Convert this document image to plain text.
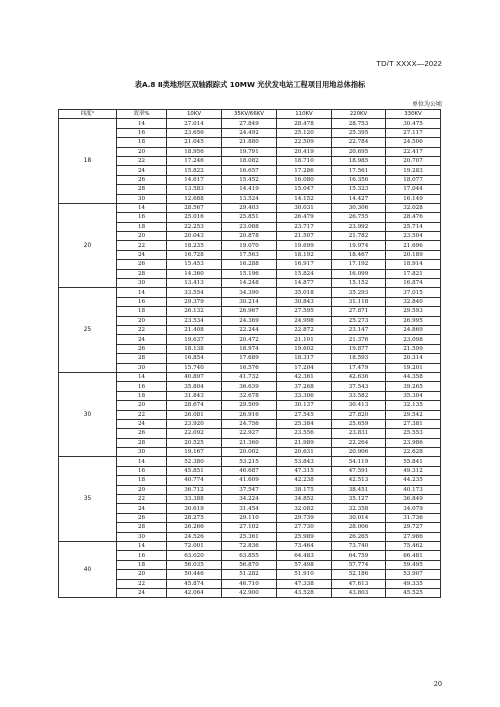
TD/T XXXX—2022
表A.8 Ⅱ类地形区双轴跟踪式 10MW 光伏发电站工程项目用地总体指标
单位为公顷
纬度°	效率%	10KV	35KV/66KV	110KV	220KV	330KV
18	14	27.014	27.849	28.478	28.753	30.475
	16	23.656	24.492	25.120	25.395	27.117
	18	21.045	21.880	22.509	22.784	24.506
	20	18.956	19.791	20.419	20.695	22.417
	22	17.246	18.082	18.710	18.985	20.707
	24	15.822	16.657	17.286	17.561	19.283
	26	14.617	15.452	16.080	16.356	18.077
	28	13.583	14.419	15.047	15.323	17.044
	30	12.688	13.524	14.152	14.427	16.149
20	14	28.567	29.403	30.031	30.306	32.028
	16	25.016	25.851	26.479	26.755	28.476
	18	22.253	23.088	23.717	23.992	25.714
	20	20.043	20.878	21.507	21.782	23.504
	22	18.235	19.070	19.699	19.974	21.696
	24	16.728	17.563	18.192	18.467	20.189
	26	15.453	16.288	16.917	17.192	18.914
	28	14.360	15.196	15.824	16.099	17.821
	30	13.413	14.248	14.877	15.152	16.874
25	14	33.554	34.390	35.018	35.293	37.015
	16	29.379	30.214	30.843	31.118	32.840
	18	26.132	26.967	27.595	27.871	29.593
	20	23.534	24.369	24.998	25.273	26.995
	22	21.408	22.244	22.872	23.147	24.869
	24	19.637	20.472	21.101	21.376	23.098
	26	18.138	18.974	19.602	19.877	21.599
	28	16.854	17.689	18.317	18.593	20.314
	30	15.740	16.576	17.204	17.479	19.201
30	14	40.897	41.732	42.361	42.636	44.358
	16	35.804	36.639	37.268	37.543	39.265
	18	31.843	32.678	33.306	33.582	35.304
	20	28.674	29.509	30.137	30.413	32.135
	22	26.081	26.916	27.545	27.820	29.542
	24	23.920	24.756	25.384	25.659	27.381
	26	22.092	22.927	23.556	23.831	25.553
	28	20.525	21.360	21.989	22.264	23.986
	30	19.167	20.002	20.631	20.906	22.628
35	14	52.380	53.215	53.843	54.119	55.841
	16	45.851	46.687	47.315	47.591	49.312
	18	40.774	41.609	42.238	42.513	44.235
	20	36.712	37.547	38.175	38.451	40.173
	22	33.388	34.224	34.852	35.127	36.849
	24	30.619	31.454	32.082	32.358	34.079
	26	28.275	29.110	29.739	30.014	31.736
	28	26.266	27.102	27.730	28.006	29.727
	30	24.526	25.361	25.989	26.265	27.986
40	14	72.001	72.836	73.464	73.740	75.462
	16	63.020	63.855	64.483	64.759	66.481
	18	56.035	56.870	57.498	57.774	59.495
	20	50.446	51.282	51.910	52.186	53.907
	22	45.874	46.710	47.338	47.613	49.335
	24	42.064	42.900	43.528	43.803	45.525
20
